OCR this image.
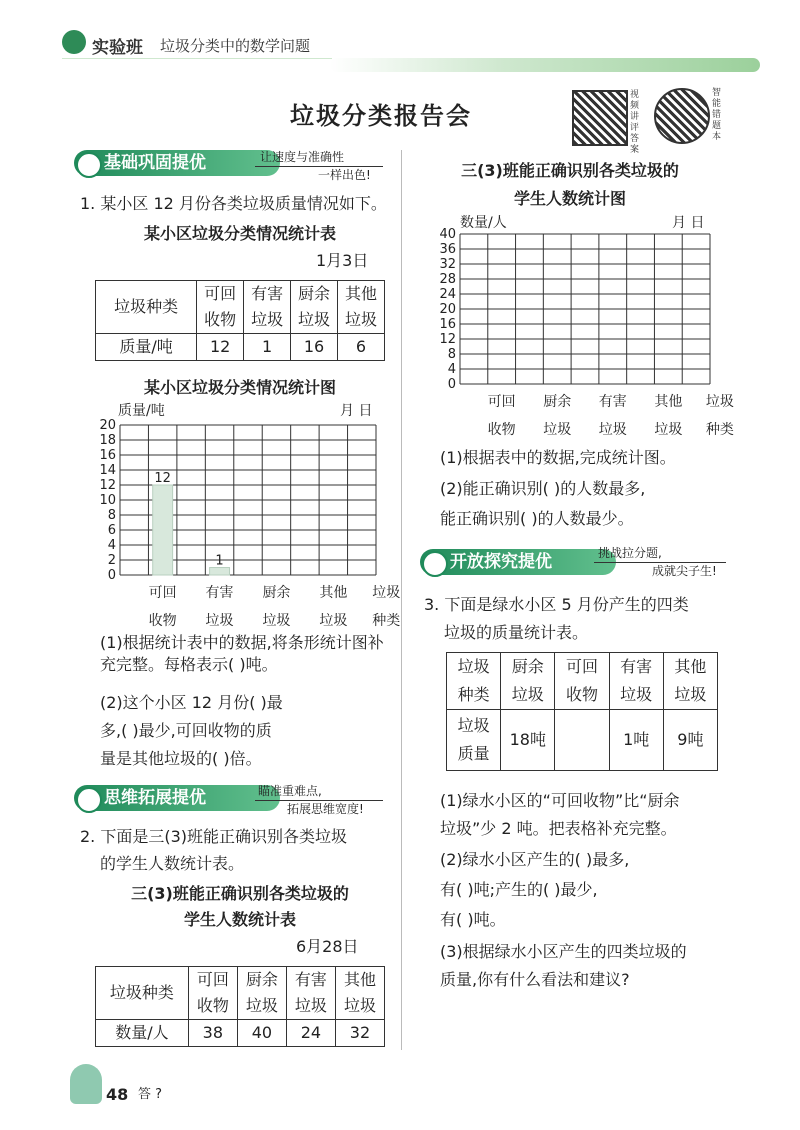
实验班 垃圾分类中的数学问题
垃圾分类报告会
视频讲评答案
智能错题本
基础巩固提优	让速度与准确性
一样出色!
1. 某小区 12 月份各类垃圾质量情况如下。
某小区垃圾分类情况统计表
1月3日
垃圾种类	可回收物	有害垃圾	厨余垃圾	其他垃圾
质量/吨	12	1	16	6
某小区垃圾分类情况统计图
质量/吨	月 日
0
2
4
6
8
10
12
14
16
18
20
12
1
可回
收物
有害
垃圾
厨余
垃圾
其他
垃圾
垃圾
种类
(1)根据统计表中的数据,将条形统计图补充完整。每格表示( )吨。
(2)这个小区 12 月份( )最
多,( )最少,可回收物的质
量是其他垃圾的( )倍。
思维拓展提优	瞄准重难点,
拓展思维宽度!
2. 下面是三(3)班能正确识别各类垃圾
的学生人数统计表。
三(3)班能正确识别各类垃圾的
学生人数统计表
6月28日
垃圾种类	可回收物	厨余垃圾	有害垃圾	其他垃圾
数量/人	38	40	24	32
三(3)班能正确识别各类垃圾的
学生人数统计图
数量/人	月 日
0
4
8
12
16
20
24
28
32
36
40
可回
收物
厨余
垃圾
有害
垃圾
其他
垃圾
垃圾
种类
(1)根据表中的数据,完成统计图。
(2)能正确识别( )的人数最多,
能正确识别( )的人数最少。
开放探究提优	挑战拉分题,
成就尖子生!
3. 下面是绿水小区 5 月份产生的四类
垃圾的质量统计表。
垃圾种类	厨余垃圾	可回收物	有害垃圾	其他垃圾

垃圾质量	18吨		1吨	9吨
(1)绿水小区的“可回收物”比“厨余
垃圾”少 2 吨。把表格补充完整。
(2)绿水小区产生的( )最多,
有( )吨;产生的( )最少,
有( )吨。
(3)根据绿水小区产生的四类垃圾的
质量,你有什么看法和建议?
48 答 ?
